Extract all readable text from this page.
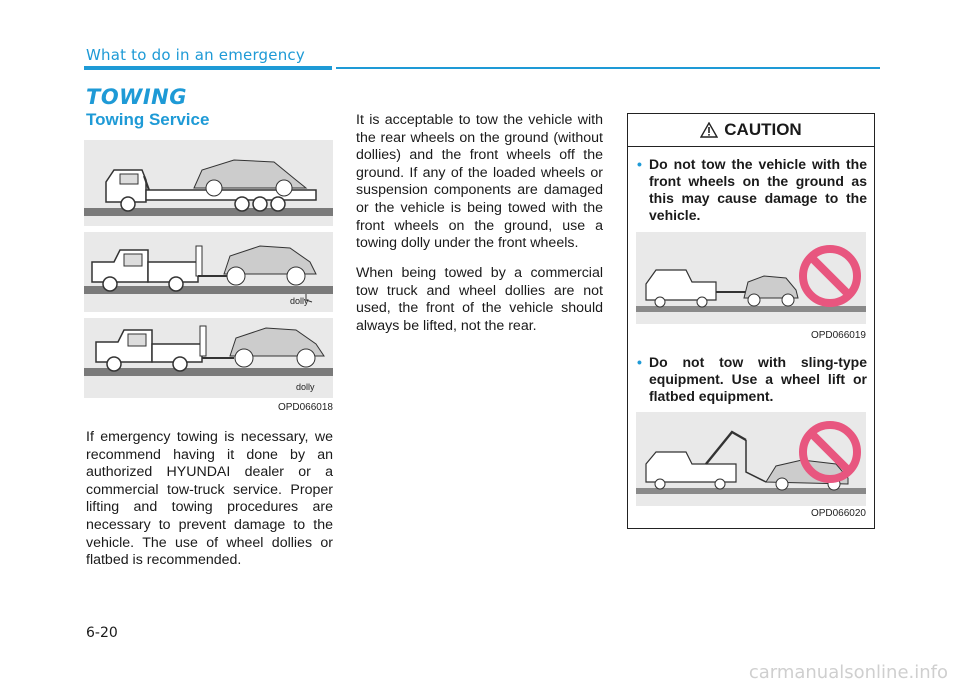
What to do in an emergency
TOWING
Towing Service
dolly
dolly
OPD066018
If emergency towing is necessary, we recommend having it done by an authorized HYUNDAI dealer or a commercial tow-truck service. Proper lifting and towing procedures are necessary to prevent damage to the vehicle. The use of wheel dollies or flatbed is recommended.
It is acceptable to tow the vehicle with the rear wheels on the ground (without dollies) and the front wheels off the ground. If any of the loaded wheels or suspension components are damaged or the vehicle is being towed with the front wheels on the ground, use a towing dolly under the front wheels.
When being towed by a commercial tow truck and wheel dollies are not used, the front of the vehicle should always be lifted, not the rear.
CAUTION
• Do not tow the vehicle with the front wheels on the ground as this may cause damage to the vehicle.
OPD066019
• Do not tow with sling-type equipment. Use a wheel lift or flatbed equipment.
OPD066020
6-20
carmanualsonline.info
